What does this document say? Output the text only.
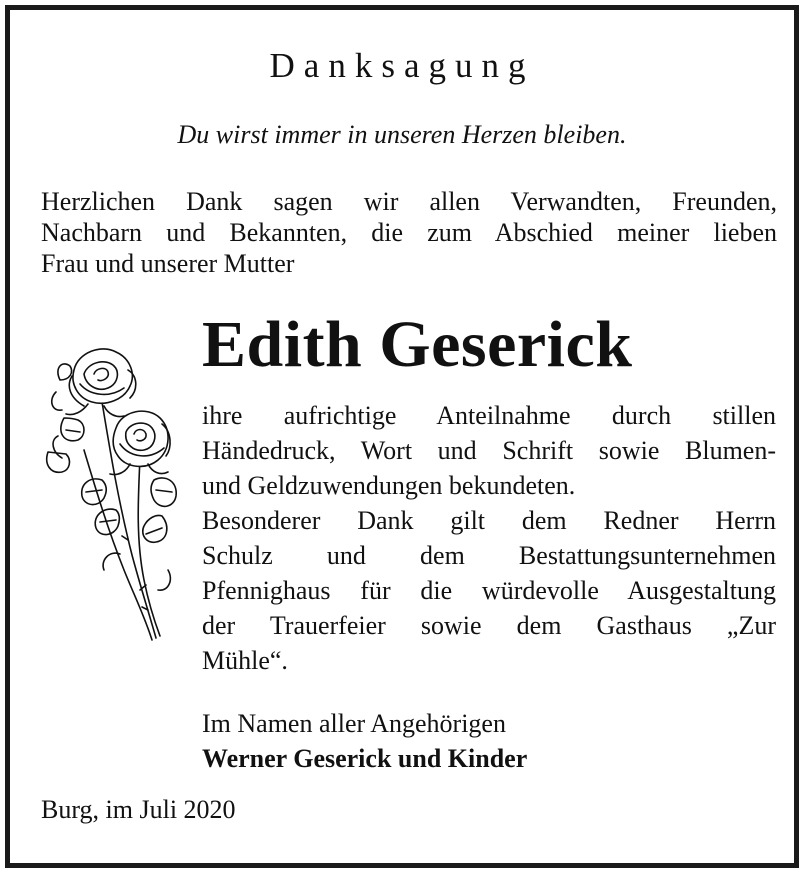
Danksagung
Du wirst immer in unseren Herzen bleiben.
Herzlichen Dank sagen wir allen Verwandten, Freunden,
Nachbarn und Bekannten, die zum Abschied meiner lieben
Frau und unserer Mutter
Edith Geserick
ihre aufrichtige Anteilnahme durch stillen
Händedruck, Wort und Schrift sowie Blumen-
und Geldzuwendungen bekundeten.
Besonderer Dank gilt dem Redner Herrn
Schulz und dem Bestattungsunternehmen
Pfennighaus für die würdevolle Ausgestaltung
der Trauerfeier sowie dem Gasthaus „Zur
Mühle“.
Im Namen aller Angehörigen
Werner Geserick und Kinder
Burg, im Juli 2020
